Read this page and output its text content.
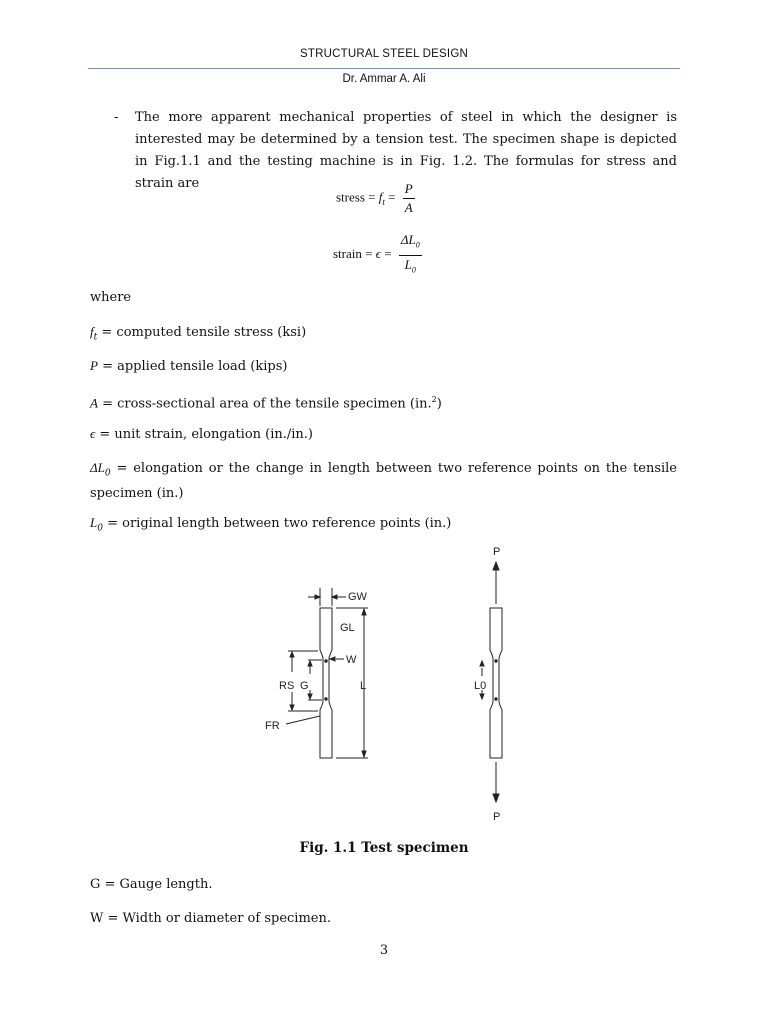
STRUCTURAL STEEL DESIGN
Dr. Ammar A. Ali
- The more apparent mechanical properties of steel in which the designer is interested may be determined by a tension test. The specimen shape is depicted in Fig.1.1 and the testing machine is in Fig. 1.2. The formulas for stress and strain are
stress = $f_t = \frac{P}{A}$
strain = $\epsilon = \frac{\Delta L_0}{L_0}$
where
$f_t$ = computed tensile stress (ksi)
P = applied tensile load (kips)
A = cross-sectional area of the tensile specimen (in.$^2$)
ϵ = unit strain, elongation (in./in.)
$\Delta L_0$ = elongation or the change in length between two reference points on the tensile specimen (in.)
$L_0$ = original length between two reference points (in.)
GW
GL
W
RS G	L
FR
P
P
L0
Fig. 1.1 Test specimen
G = Gauge length.
W = Width or diameter of specimen.
3
